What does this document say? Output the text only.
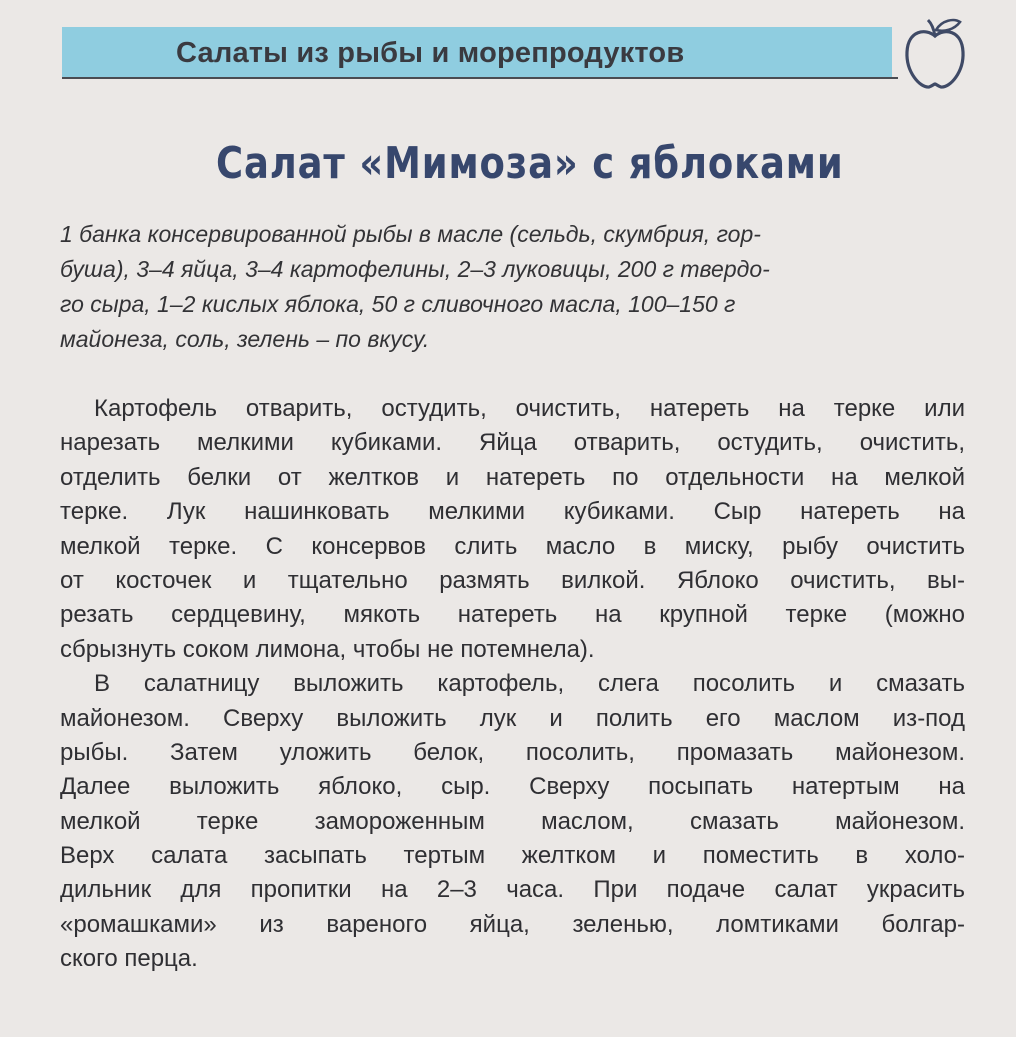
Салаты из рыбы и морепродуктов
Салат «Мимоза» с яблоками
1 банка консервированной рыбы в масле (сельдь, скумбрия, гор-
буша), 3–4 яйца, 3–4 картофелины, 2–3 луковицы, 200 г твердо-
го сыра, 1–2 кислых яблока, 50 г сливочного масла, 100–150 г
майонеза, соль, зелень – по вкусу.
Картофель отварить, остудить, очистить, натереть на терке или
нарезать мелкими кубиками. Яйца отварить, остудить, очистить,
отделить белки от желтков и натереть по отдельности на мелкой
терке. Лук нашинковать мелкими кубиками. Сыр натереть на
мелкой терке. С консервов слить масло в миску, рыбу очистить
от косточек и тщательно размять вилкой. Яблоко очистить, вы-
резать сердцевину, мякоть натереть на крупной терке (можно
сбрызнуть соком лимона, чтобы не потемнела).
В салатницу выложить картофель, слега посолить и смазать
майонезом. Сверху выложить лук и полить его маслом из-под
рыбы. Затем уложить белок, посолить, промазать майонезом.
Далее выложить яблоко, сыр. Сверху посыпать натертым на
мелкой терке замороженным маслом, смазать майонезом.
Верх салата засыпать тертым желтком и поместить в холо-
дильник для пропитки на 2–3 часа. При подаче салат украсить
«ромашками» из вареного яйца, зеленью, ломтиками болгар-
ского перца.
